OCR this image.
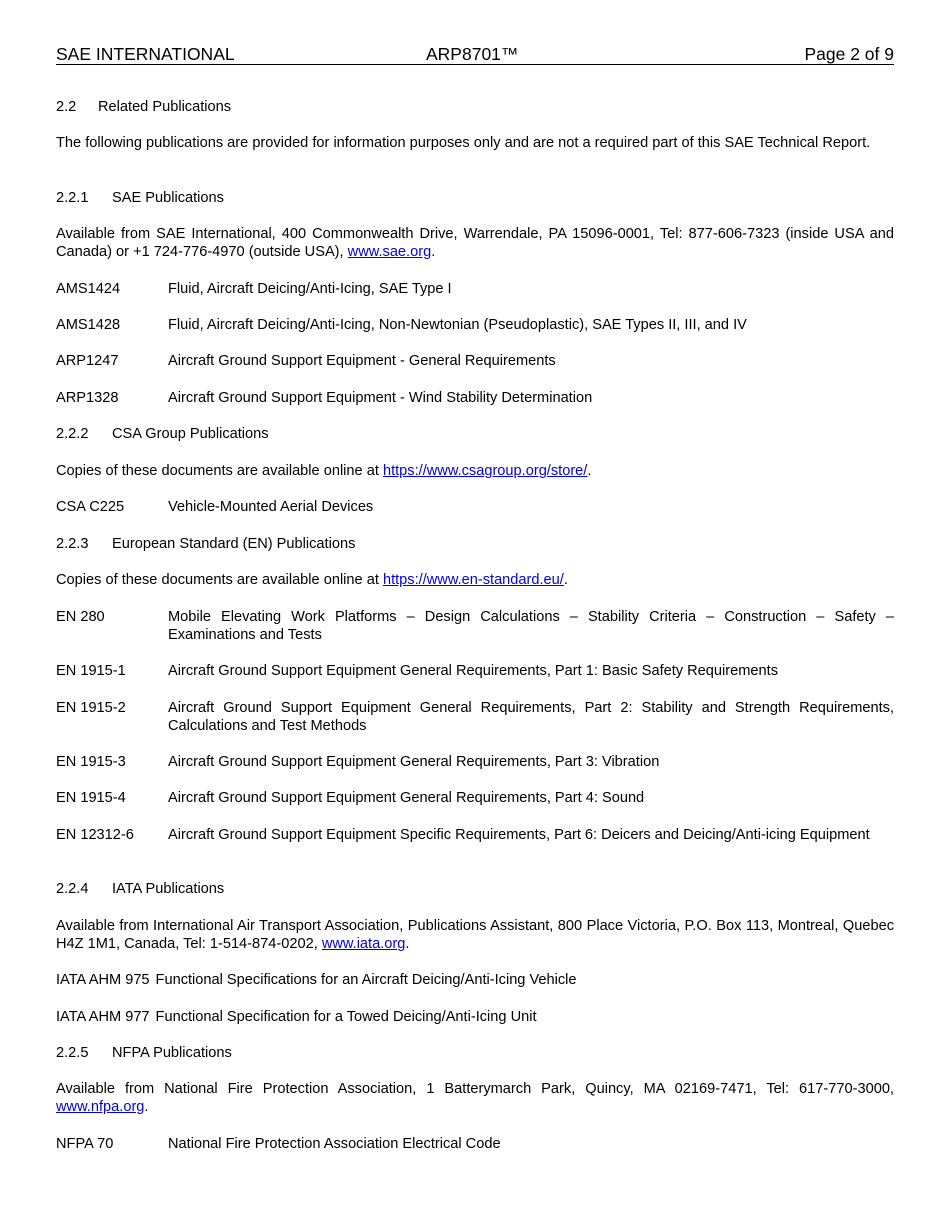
SAE INTERNATIONAL	ARP8701™	Page 2 of 9
2.2 Related Publications
The following publications are provided for information purposes only and are not a required part of this SAE Technical Report.
2.2.1 SAE Publications
Available from SAE International, 400 Commonwealth Drive, Warrendale, PA 15096-0001, Tel: 877-606-7323 (inside USA and Canada) or +1 724-776-4970 (outside USA), www.sae.org.
AMS1424	Fluid, Aircraft Deicing/Anti-Icing, SAE Type I
AMS1428	Fluid, Aircraft Deicing/Anti-Icing, Non-Newtonian (Pseudoplastic), SAE Types II, III, and IV
ARP1247	Aircraft Ground Support Equipment - General Requirements
ARP1328	Aircraft Ground Support Equipment - Wind Stability Determination
2.2.2 CSA Group Publications
Copies of these documents are available online at https://www.csagroup.org/store/.
CSA C225	Vehicle-Mounted Aerial Devices
2.2.3 European Standard (EN) Publications
Copies of these documents are available online at https://www.en-standard.eu/.
EN 280	Mobile Elevating Work Platforms – Design Calculations – Stability Criteria – Construction – Safety – Examinations and Tests
EN 1915-1	Aircraft Ground Support Equipment General Requirements, Part 1: Basic Safety Requirements
EN 1915-2	Aircraft Ground Support Equipment General Requirements, Part 2: Stability and Strength Requirements, Calculations and Test Methods
EN 1915-3	Aircraft Ground Support Equipment General Requirements, Part 3: Vibration
EN 1915-4	Aircraft Ground Support Equipment General Requirements, Part 4: Sound
EN 12312-6	Aircraft Ground Support Equipment Specific Requirements, Part 6: Deicers and Deicing/Anti-icing Equipment
2.2.4 IATA Publications
Available from International Air Transport Association, Publications Assistant, 800 Place Victoria, P.O. Box 113, Montreal, Quebec H4Z 1M1, Canada, Tel: 1-514-874-0202, www.iata.org.
IATA AHM 975 Functional Specifications for an Aircraft Deicing/Anti-Icing Vehicle
IATA AHM 977 Functional Specification for a Towed Deicing/Anti-Icing Unit
2.2.5 NFPA Publications
Available from National Fire Protection Association, 1 Batterymarch Park, Quincy, MA 02169-7471, Tel: 617-770-3000, www.nfpa.org.
NFPA 70	National Fire Protection Association Electrical Code
